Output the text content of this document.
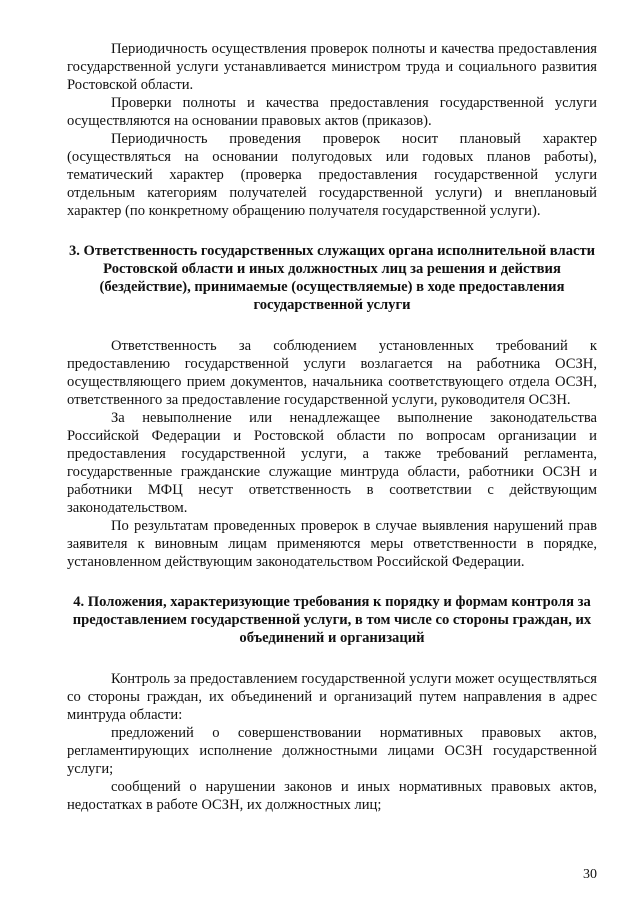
Периодичность осуществления проверок полноты и качества предоставления государственной услуги устанавливается министром труда и социального развития Ростовской области.

Проверки полноты и качества предоставления государственной услуги осуществляются на основании правовых актов (приказов).

Периодичность проведения проверок носит плановый характер (осуществляться на основании полугодовых или годовых планов работы), тематический характер (проверка предоставления государственной услуги отдельным категориям получателей государственной услуги) и внеплановый характер (по конкретному обращению получателя государственной услуги).

3. Ответственность государственных служащих органа исполнительной власти Ростовской области и иных должностных лиц за решения и действия (бездействие), принимаемые (осуществляемые) в ходе предоставления государственной услуги

Ответственность за соблюдением установленных требований к предоставлению государственной услуги возлагается на работника ОСЗН, осуществляющего прием документов, начальника соответствующего отдела ОСЗН, ответственного за предоставление государственной услуги, руководителя ОСЗН.

За невыполнение или ненадлежащее выполнение законодательства Российской Федерации и Ростовской области по вопросам организации и предоставления государственной услуги, а также требований регламента, государственные гражданские служащие минтруда области, работники ОСЗН и работники МФЦ несут ответственность в соответствии с действующим законодательством.

По результатам проведенных проверок в случае выявления нарушений прав заявителя к виновным лицам применяются меры ответственности в порядке, установленном действующим законодательством Российской Федерации.

4. Положения, характеризующие требования к порядку и формам контроля за предоставлением государственной услуги, в том числе со стороны граждан, их объединений и организаций

Контроль за предоставлением государственной услуги может осуществляться со стороны граждан, их объединений и организаций путем направления в адрес минтруда области:

предложений о совершенствовании нормативных правовых актов, регламентирующих исполнение должностными лицами ОСЗН государственной услуги;

сообщений о нарушении законов и иных нормативных правовых актов, недостатках в работе ОСЗН, их должностных лиц;

30
